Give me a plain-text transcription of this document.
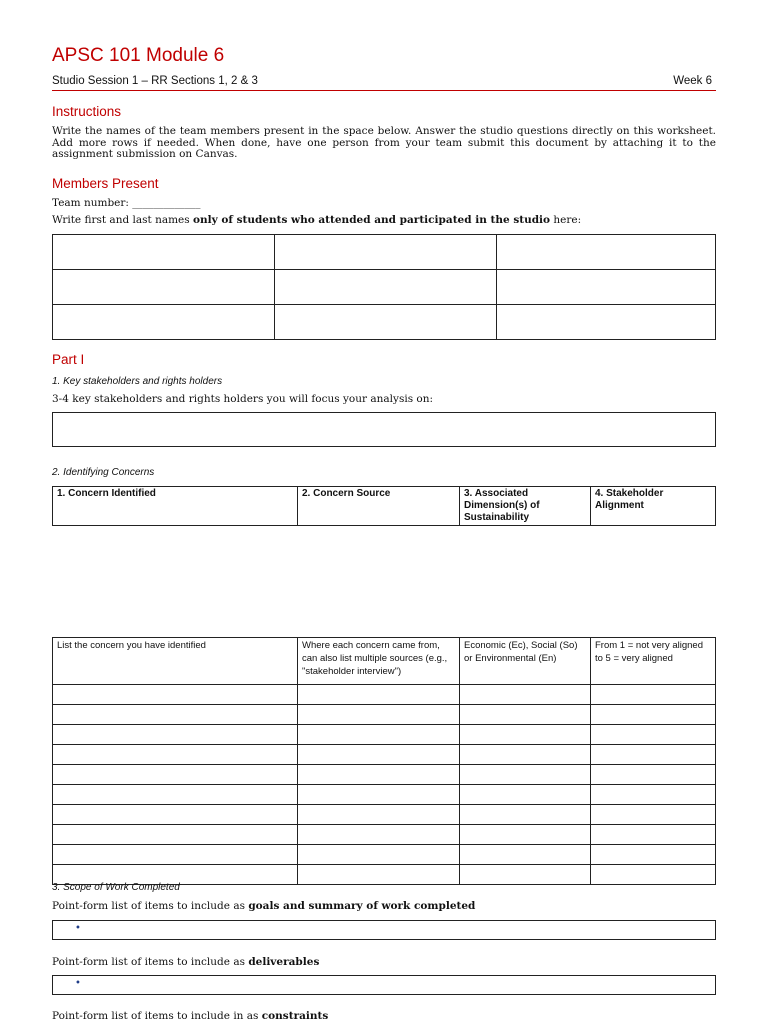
APSC 101 Module 6
Studio Session 1 – RR Sections 1, 2 & 3	Week 6
Instructions
Write the names of the team members present in the space below. Answer the studio questions directly on this worksheet. Add more rows if needed. When done, have one person from your team submit this document by attaching it to the assignment submission on Canvas.
Members Present
Team number: _____________
Write first and last names only of students who attended and participated in the studio here:

Part I
1. Key stakeholders and rights holders
3-4 key stakeholders and rights holders you will focus your analysis on:
2. Identifying Concerns
1. Concern Identified	2. Concern Source	3. Associated Dimension(s) of Sustainability	4. Stakeholder Alignment
List the concern you have identified	Where each concern came from, can also list multiple sources (e.g., "stakeholder interview")	Economic (Ec), Social (So) or Environmental (En)	From 1 = not very aligned to 5 = very aligned

3. Scope of Work Completed
Point-form list of items to include as goals and summary of work completed
•
Point-form list of items to include as deliverables
•
Point-form list of items to include in as constraints
